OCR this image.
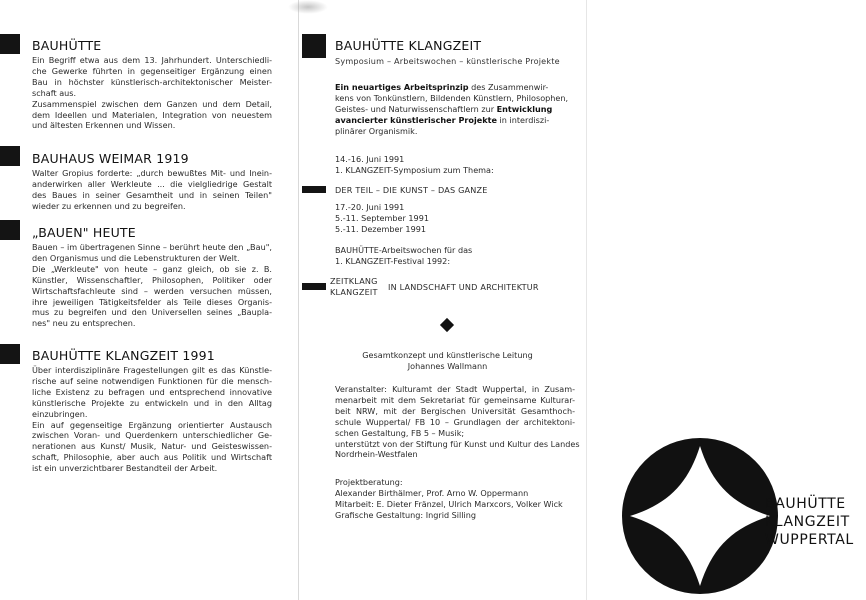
BAUHÜTTE
Ein Begriff etwa aus dem 13. Jahrhundert. Unterschiedli-
che Gewerke führten in gegenseitiger Ergänzung einen
Bau in höchster künstlerisch-architektonischer Meister-
schaft aus.
Zusammenspiel zwischen dem Ganzen und dem Detail,
dem Ideellen und Materialen, Integration von neuestem
und ältesten Erkennen und Wissen.
BAUHAUS WEIMAR 1919
Walter Gropius forderte: „durch bewußtes Mit- und Inein-
anderwirken aller Werkleute ... die vielgliedrige Gestalt
des Baues in seiner Gesamtheit und in seinen Teilen"
wieder zu erkennen und zu begreifen.
„BAUEN" HEUTE
Bauen – im übertragenen Sinne – berührt heute den „Bau",
den Organismus und die Lebenstrukturen der Welt.
Die „Werkleute" von heute – ganz gleich, ob sie z. B.
Künstler, Wissenschaftler, Philosophen, Politiker oder
Wirtschaftsfachleute sind – werden versuchen müssen,
ihre jeweiligen Tätigkeitsfelder als Teile dieses Organis-
mus zu begreifen und den Universellen seines „Baupla-
nes" neu zu entsprechen.
BAUHÜTTE KLANGZEIT 1991
Über interdisziplinäre Fragestellungen gilt es das Künstle-
rische auf seine notwendigen Funktionen für die mensch-
liche Existenz zu befragen und entsprechend innovative
künstlerische Projekte zu entwickeln und in den Alltag
einzubringen.
Ein auf gegenseitige Ergänzung orientierter Austausch
zwischen Voran- und Querdenkern unterschiedlicher Ge-
nerationen aus Kunst/ Musik, Natur- und Geisteswissen-
schaft, Philosophie, aber auch aus Politik und Wirtschaft
ist ein unverzichtbarer Bestandteil der Arbeit.
BAUHÜTTE KLANGZEIT
Symposium – Arbeitswochen – künstlerische Projekte
Ein neuartiges Arbeitsprinzip des Zusammenwir-
kens von Tonkünstlern, Bildenden Künstlern, Philosophen,
Geistes- und Naturwissenschaftlern zur Entwicklung
avancierter künstlerischer Projekte in interdiszi-
plinärer Organismik.
14.-16. Juni 1991
1. KLANGZEIT-Symposium zum Thema:
DER TEIL – DIE KUNST – DAS GANZE
17.-20. Juni 1991
5.-11. September 1991
5.-11. Dezember 1991
BAUHÜTTE-Arbeitswochen für das
1. KLANGZEIT-Festival 1992:
ZEITKLANG
KLANGZEIT IN LANDSCHAFT UND ARCHITEKTUR
Gesamtkonzept und künstlerische Leitung
Johannes Wallmann
Veranstalter: Kulturamt der Stadt Wuppertal, in Zusam-
menarbeit mit dem Sekretariat für gemeinsame Kulturar-
beit NRW, mit der Bergischen Universität Gesamthoch-
schule Wuppertal/ FB 10 – Grundlagen der architektoni-
schen Gestaltung, FB 5 – Musik;
unterstützt von der Stiftung für Kunst und Kultur des Landes
Nordrhein-Westfalen
Projektberatung:
Alexander Birthälmer, Prof. Arno W. Oppermann
Mitarbeit: E. Dieter Fränzel, Ulrich Marxcors, Volker Wick
Grafische Gestaltung: Ingrid Silling
BAUHÜTTE
KLANGZEIT
WUPPERTAL
